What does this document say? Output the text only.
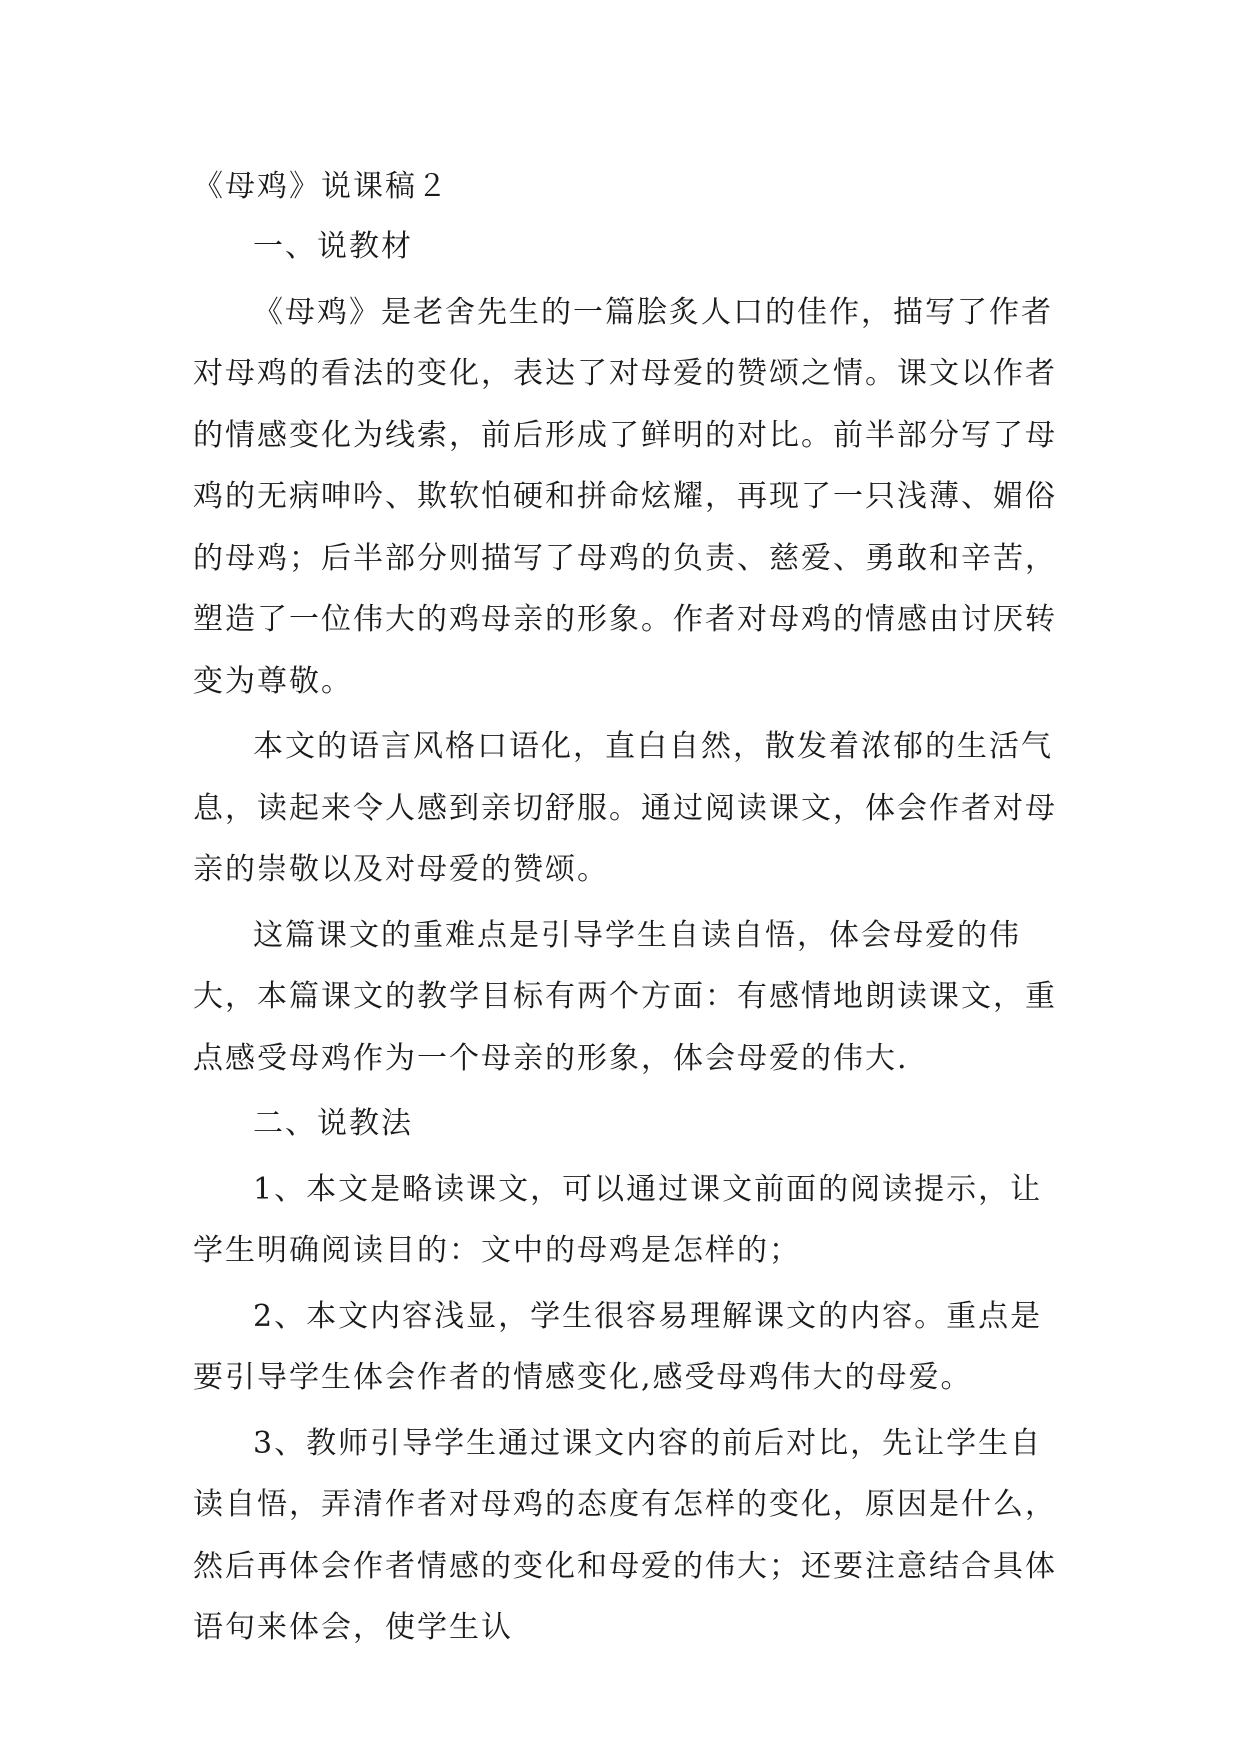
《母鸡》说课稿２

一、说教材

《母鸡》是老舍先生的一篇脍炙人口的佳作，描写了作者对母鸡的看法的变化，表达了对母爱的赞颂之情。课文以作者的情感变化为线索，前后形成了鲜明的对比。前半部分写了母鸡的无病呻吟、欺软怕硬和拼命炫耀，再现了一只浅薄、媚俗的母鸡；后半部分则描写了母鸡的负责、慈爱、勇敢和辛苦，塑造了一位伟大的鸡母亲的形象。作者对母鸡的情感由讨厌转变为尊敬。

本文的语言风格口语化，直白自然，散发着浓郁的生活气息，读起来令人感到亲切舒服。通过阅读课文，体会作者对母亲的崇敬以及对母爱的赞颂。

这篇课文的重难点是引导学生自读自悟，体会母爱的伟大，本篇课文的教学目标有两个方面：有感情地朗读课文，重点感受母鸡作为一个母亲的形象，体会母爱的伟大.

二、说教法

1、本文是略读课文，可以通过课文前面的阅读提示，让学生明确阅读目的：文中的母鸡是怎样的；

2、本文内容浅显，学生很容易理解课文的内容。重点是要引导学生体会作者的情感变化,感受母鸡伟大的母爱。

3、教师引导学生通过课文内容的前后对比，先让学生自读自悟，弄清作者对母鸡的态度有怎样的变化，原因是什么，然后再体会作者情感的变化和母爱的伟大；还要注意结合具体语句来体会，使学生认
